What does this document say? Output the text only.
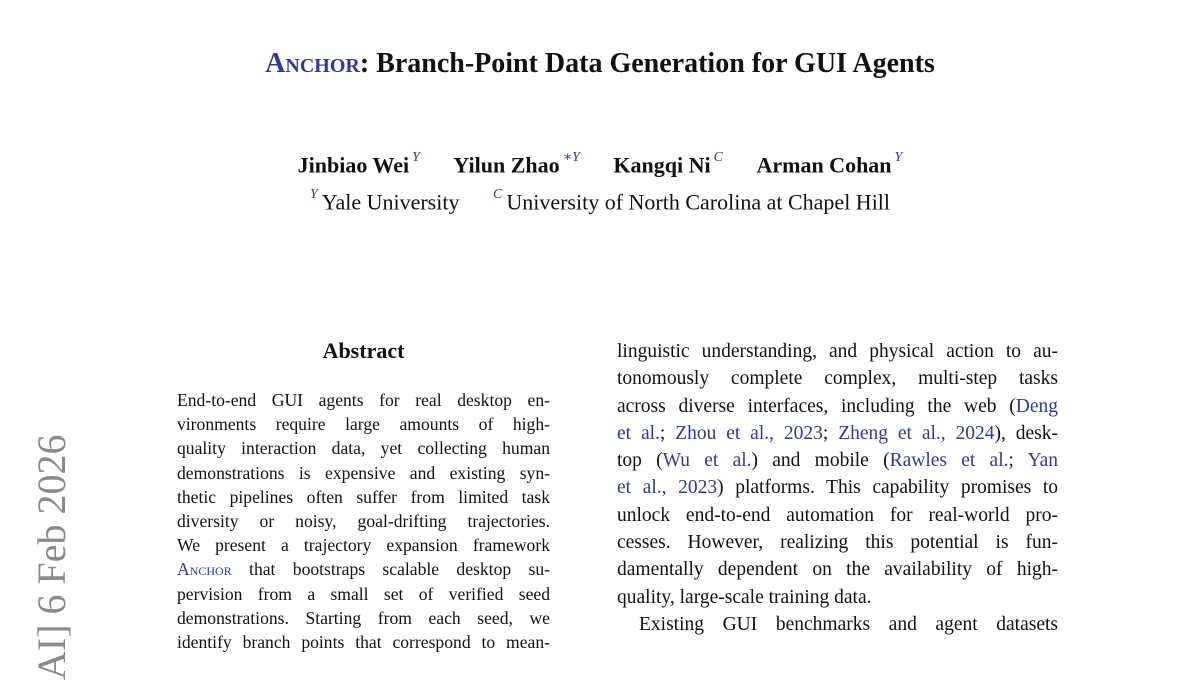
Anchor: Branch-Point Data Generation for GUI Agents
Jinbiao Wei $^Y$ Yilun Zhao $^{∗Y}$ Kangqi Ni $^C$ Arman Cohan $^Y$
$^Y$ Yale University $^C$ University of North Carolina at Chapel Hill
AI] 6 Feb 2026
Abstract
End-to-end GUI agents for real desktop en-
vironments require large amounts of high-
quality interaction data, yet collecting human
demonstrations is expensive and existing syn-
thetic pipelines often suffer from limited task
diversity or noisy, goal-drifting trajectories.
We present a trajectory expansion framework
Anchor that bootstraps scalable desktop su-
pervision from a small set of verified seed
demonstrations. Starting from each seed, we
identify branch points that correspond to mean-
linguistic understanding, and physical action to au-
tonomously complete complex, multi-step tasks
across diverse interfaces, including the web (Deng
et al.; Zhou et al., 2023; Zheng et al., 2024), desk-
top (Wu et al.) and mobile (Rawles et al.; Yan
et al., 2023) platforms. This capability promises to
unlock end-to-end automation for real-world pro-
cesses. However, realizing this potential is fun-
damentally dependent on the availability of high-
quality, large-scale training data.
Existing GUI benchmarks and agent datasets
